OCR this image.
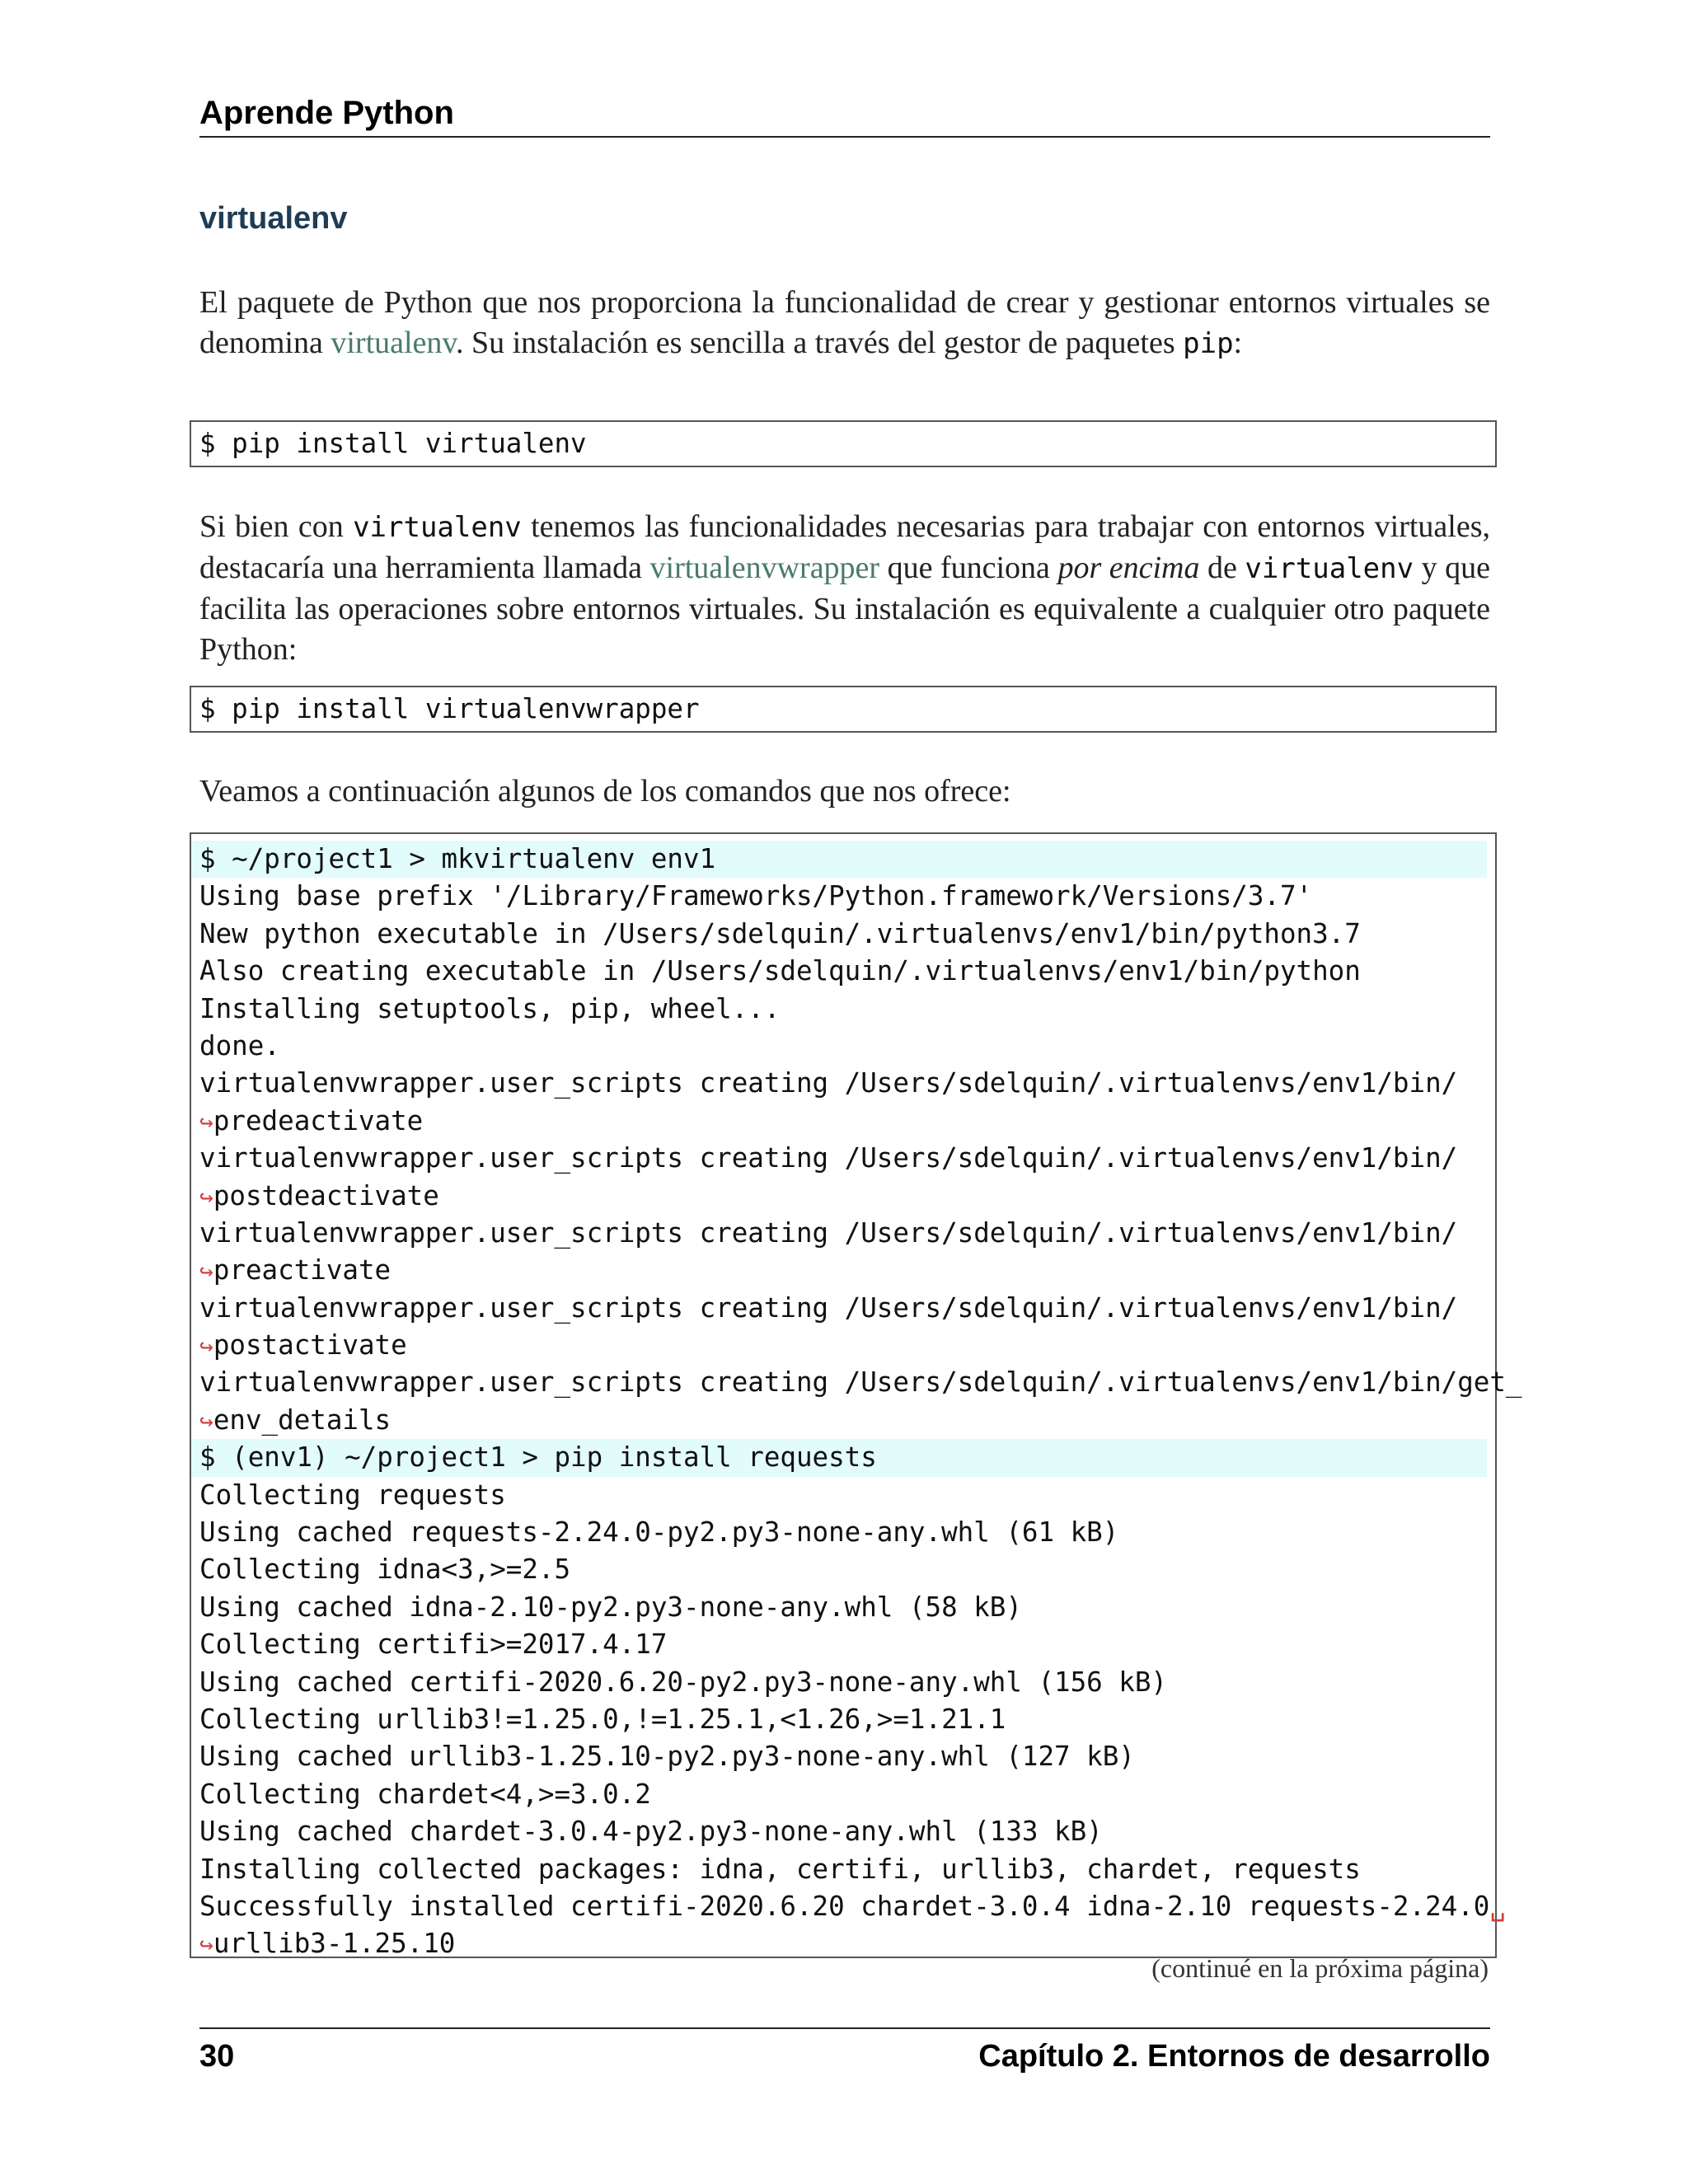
Aprende Python
virtualenv
El paquete de Python que nos proporciona la funcionalidad de crear y gestionar entornos virtuales se denomina virtualenv. Su instalación es sencilla a través del gestor de paquetes pip:
$ pip install virtualenv
Si bien con virtualenv tenemos las funcionalidades necesarias para trabajar con entornos virtuales, destacaría una herramienta llamada virtualenvwrapper que funciona por encima de virtualenv y que facilita las operaciones sobre entornos virtuales. Su instalación es equivalente a cualquier otro paquete Python:
$ pip install virtualenvwrapper
Veamos a continuación algunos de los comandos que nos ofrece:
$ ~/project1 > mkvirtualenv env1
Using base prefix '/Library/Frameworks/Python.framework/Versions/3.7'
New python executable in /Users/sdelquin/.virtualenvs/env1/bin/python3.7
Also creating executable in /Users/sdelquin/.virtualenvs/env1/bin/python
Installing setuptools, pip, wheel...
done.
virtualenvwrapper.user_scripts creating /Users/sdelquin/.virtualenvs/env1/bin/
↪predeactivate
virtualenvwrapper.user_scripts creating /Users/sdelquin/.virtualenvs/env1/bin/
↪postdeactivate
virtualenvwrapper.user_scripts creating /Users/sdelquin/.virtualenvs/env1/bin/
↪preactivate
virtualenvwrapper.user_scripts creating /Users/sdelquin/.virtualenvs/env1/bin/
↪postactivate
virtualenvwrapper.user_scripts creating /Users/sdelquin/.virtualenvs/env1/bin/get_
↪env_details
$ (env1) ~/project1 > pip install requests
Collecting requests
Using cached requests-2.24.0-py2.py3-none-any.whl (61 kB)
Collecting idna<3,>=2.5
Using cached idna-2.10-py2.py3-none-any.whl (58 kB)
Collecting certifi>=2017.4.17
Using cached certifi-2020.6.20-py2.py3-none-any.whl (156 kB)
Collecting urllib3!=1.25.0,!=1.25.1,<1.26,>=1.21.1
Using cached urllib3-1.25.10-py2.py3-none-any.whl (127 kB)
Collecting chardet<4,>=3.0.2
Using cached chardet-3.0.4-py2.py3-none-any.whl (133 kB)
Installing collected packages: idna, certifi, urllib3, chardet, requests
Successfully installed certifi-2020.6.20 chardet-3.0.4 idna-2.10 requests-2.24.0␣
↪urllib3-1.25.10
(continué en la próxima página)
30	Capítulo 2. Entornos de desarrollo
